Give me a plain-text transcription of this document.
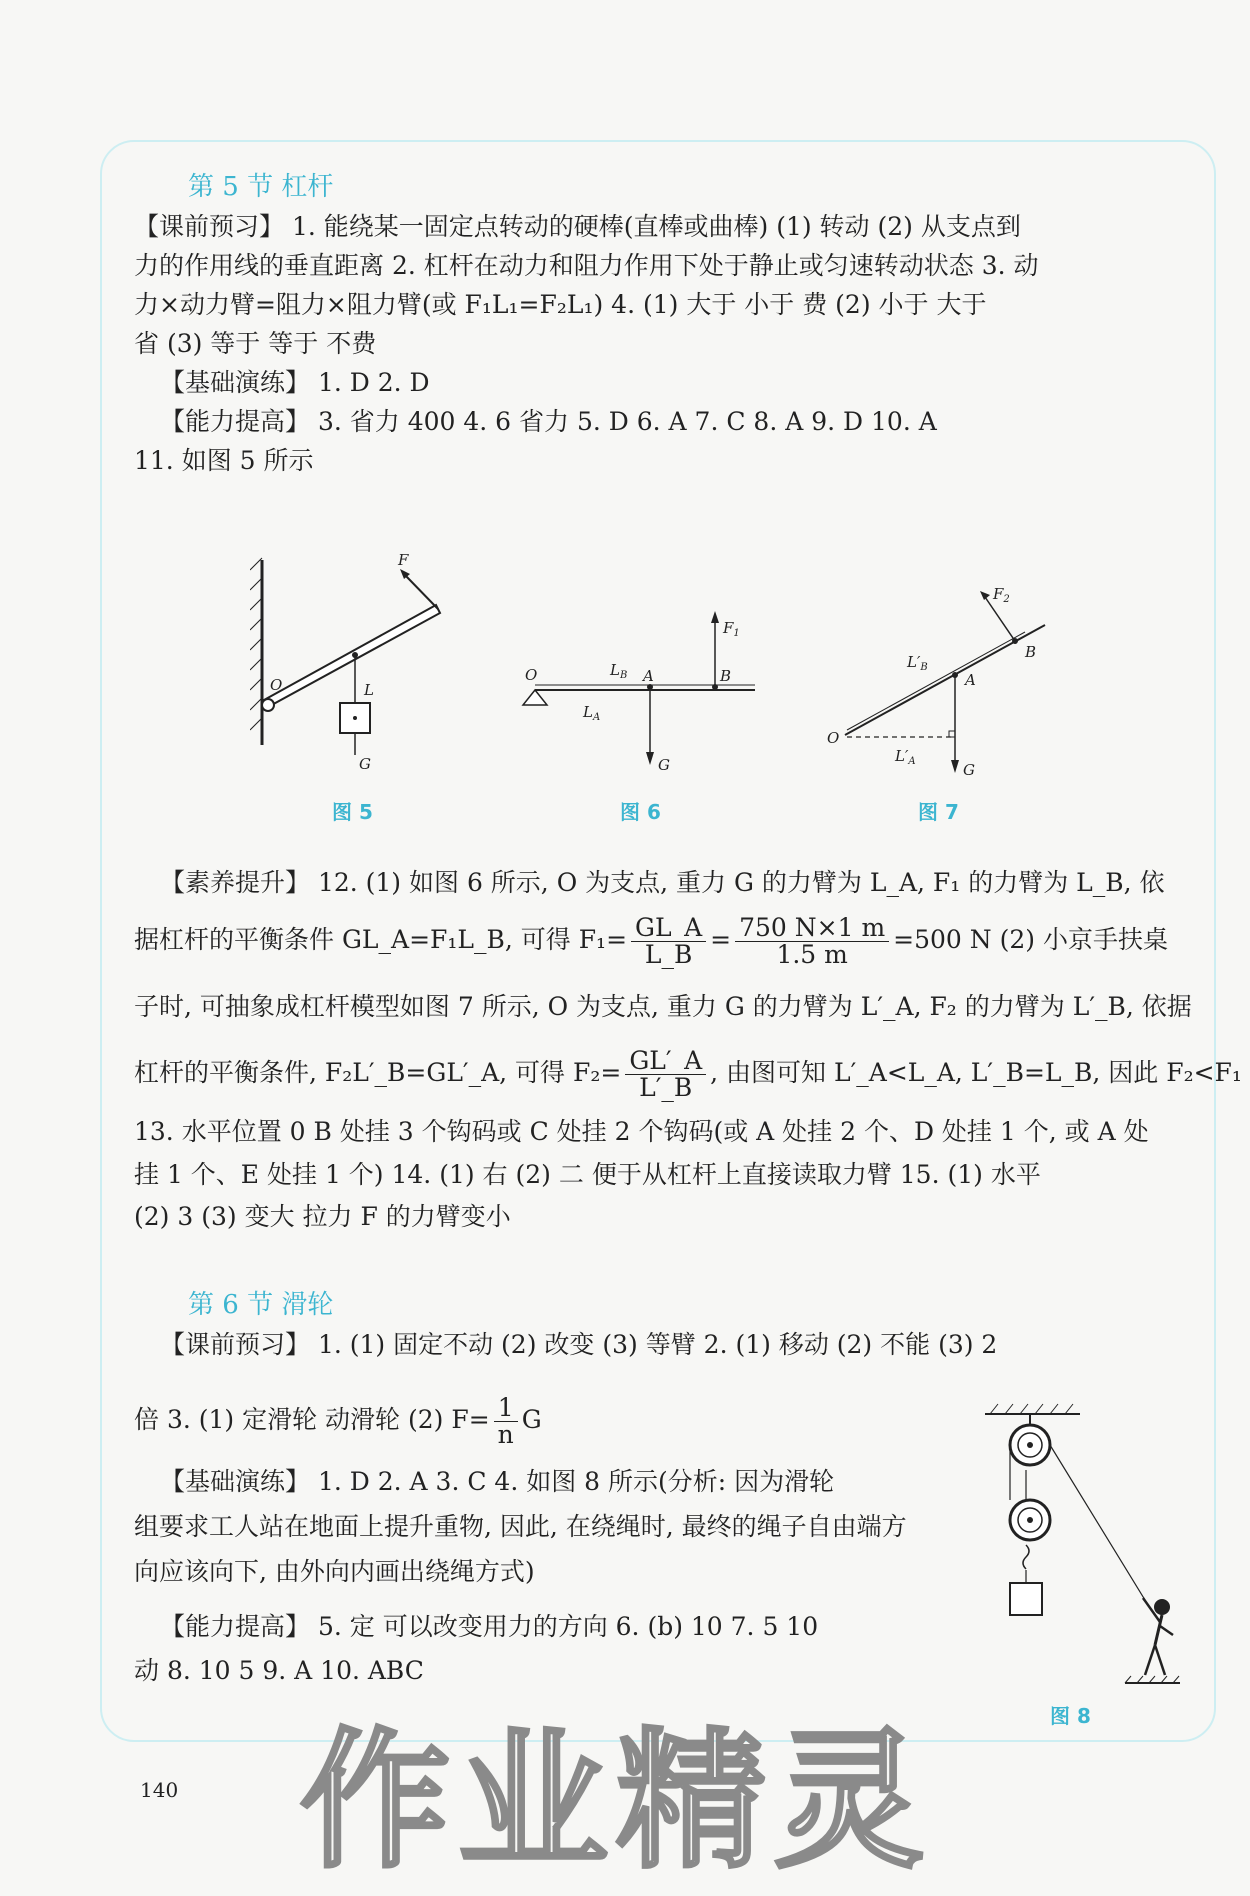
第 5 节 杠杆
【课前预习】 1. 能绕某一固定点转动的硬棒(直棒或曲棒) (1) 转动 (2) 从支点到
力的作用线的垂直距离 2. 杠杆在动力和阻力作用下处于静止或匀速转动状态 3. 动
力×动力臂=阻力×阻力臂(或 F₁L₁=F₂L₁) 4. (1) 大于 小于 费 (2) 小于 大于
省 (3) 等于 等于 不费
【基础演练】 1. D 2. D
【能力提高】 3. 省力 400 4. 6 省力 5. D 6. A 7. C 8. A 9. D 10. A
11. 如图 5 所示
F
O	L
G
图 5
O	$L_B$
$L_A$
A	B
$F_1$
G
图 6
O
A
B
$F_2$
$L'_B$
$L'_A$	G
图 7
【素养提升】 12. (1) 如图 6 所示, O 为支点, 重力 G 的力臂为 L_A, F₁ 的力臂为 L_B, 依
据杠杆的平衡条件 GL_A=F₁L_B, 可得 $F_1= \frac{GL\_A}{L\_B} = \frac{750 N\times 1 m}{1.5 m} =500$ N (2) 小京手扶桌
子时, 可抽象成杠杆模型如图 7 所示, O 为支点, 重力 G 的力臂为 L′_A, F₂ 的力臂为 L′_B, 依据
杠杆的平衡条件, F₂L′_B=GL′_A, 可得 $F_2= \frac{GL'\_A}{L'\_B}$ , 由图可知 L′_A<L_A, L′_B=L_B, 因此 F₂<F₁
13. 水平位置 0 B 处挂 3 个钩码或 C 处挂 2 个钩码(或 A 处挂 2 个、D 处挂 1 个, 或 A 处
挂 1 个、E 处挂 1 个) 14. (1) 右 (2) 二 便于从杠杆上直接读取力臂 15. (1) 水平
(2) 3 (3) 变大 拉力 F 的力臂变小
第 6 节 滑轮
【课前预习】 1. (1) 固定不动 (2) 改变 (3) 等臂 2. (1) 移动 (2) 不能 (3) 2
倍 3. (1) 定滑轮 动滑轮 (2) $F= \frac{1}{n}$ G
【基础演练】 1. D 2. A 3. C 4. 如图 8 所示(分析: 因为滑轮
组要求工人站在地面上提升重物, 因此, 在绕绳时, 最终的绳子自由端方
向应该向下, 由外向内画出绕绳方式)
【能力提高】 5. 定 可以改变用力的方向 6. (b) 10 7. 5 10
动 8. 10 5 9. A 10. ABC
图 8
140 作业精灵
